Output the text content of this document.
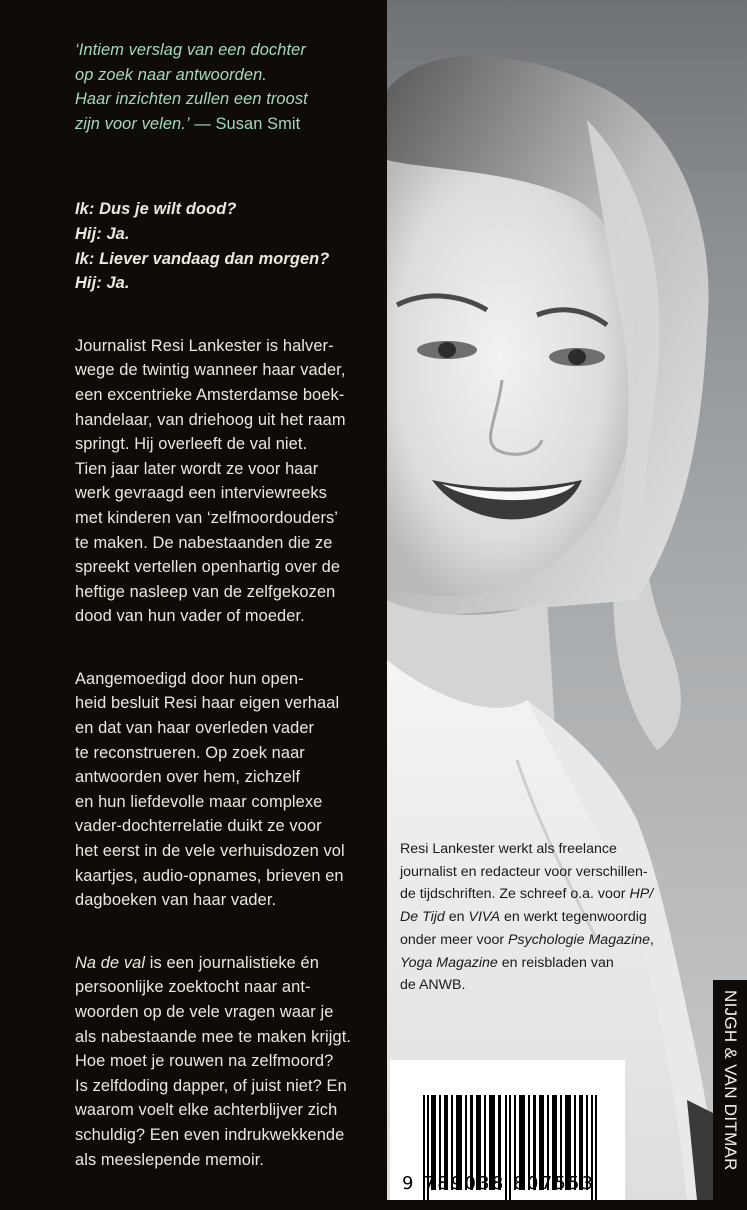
‘Intiem verslag van een dochter
op zoek naar antwoorden.
Haar inzichten zullen een troost
zijn voor velen.’ — Susan Smit
Ik: Dus je wilt dood?
Hij: Ja.
Ik: Liever vandaag dan morgen?
Hij: Ja.
Journalist Resi Lankester is halver-
wege de twintig wanneer haar vader,
een excentrieke Amsterdamse boek-
handelaar, van driehoog uit het raam
springt. Hij overleeft de val niet.
Tien jaar later wordt ze voor haar
werk gevraagd een interviewreeks
met kinderen van ‘zelfmoordouders’
te maken. De nabestaanden die ze
spreekt vertellen openhartig over de
heftige nasleep van de zelfgekozen
dood van hun vader of moeder.
Aangemoedigd door hun open-
heid besluit Resi haar eigen verhaal
en dat van haar overleden vader
te reconstrueren. Op zoek naar
antwoorden over hem, zichzelf
en hun liefdevolle maar complexe
vader-dochterrelatie duikt ze voor
het eerst in de vele verhuisdozen vol
kaartjes, audio-opnames, brieven en
dagboeken van haar vader.
Na de val is een journalistieke én
persoonlijke zoektocht naar ant-
woorden op de vele vragen waar je
als nabestaande mee te maken krijgt.
Hoe moet je rouwen na zelfmoord?
Is zelfdoding dapper, of juist niet? En
waarom voelt elke achterblijver zich
schuldig? Een even indrukwekkende
als meeslepende memoir.
Resi Lankester werkt als freelance
journalist en redacteur voor verschillen-
de tijdschriften. Ze schreef o.a. voor HP/
De Tijd en VIVA en werkt tegenwoordig
onder meer voor Psychologie Magazine,
Yoga Magazine en reisbladen van
de ANWB.
9 789038 807553
NIJGH & VAN DITMAR
